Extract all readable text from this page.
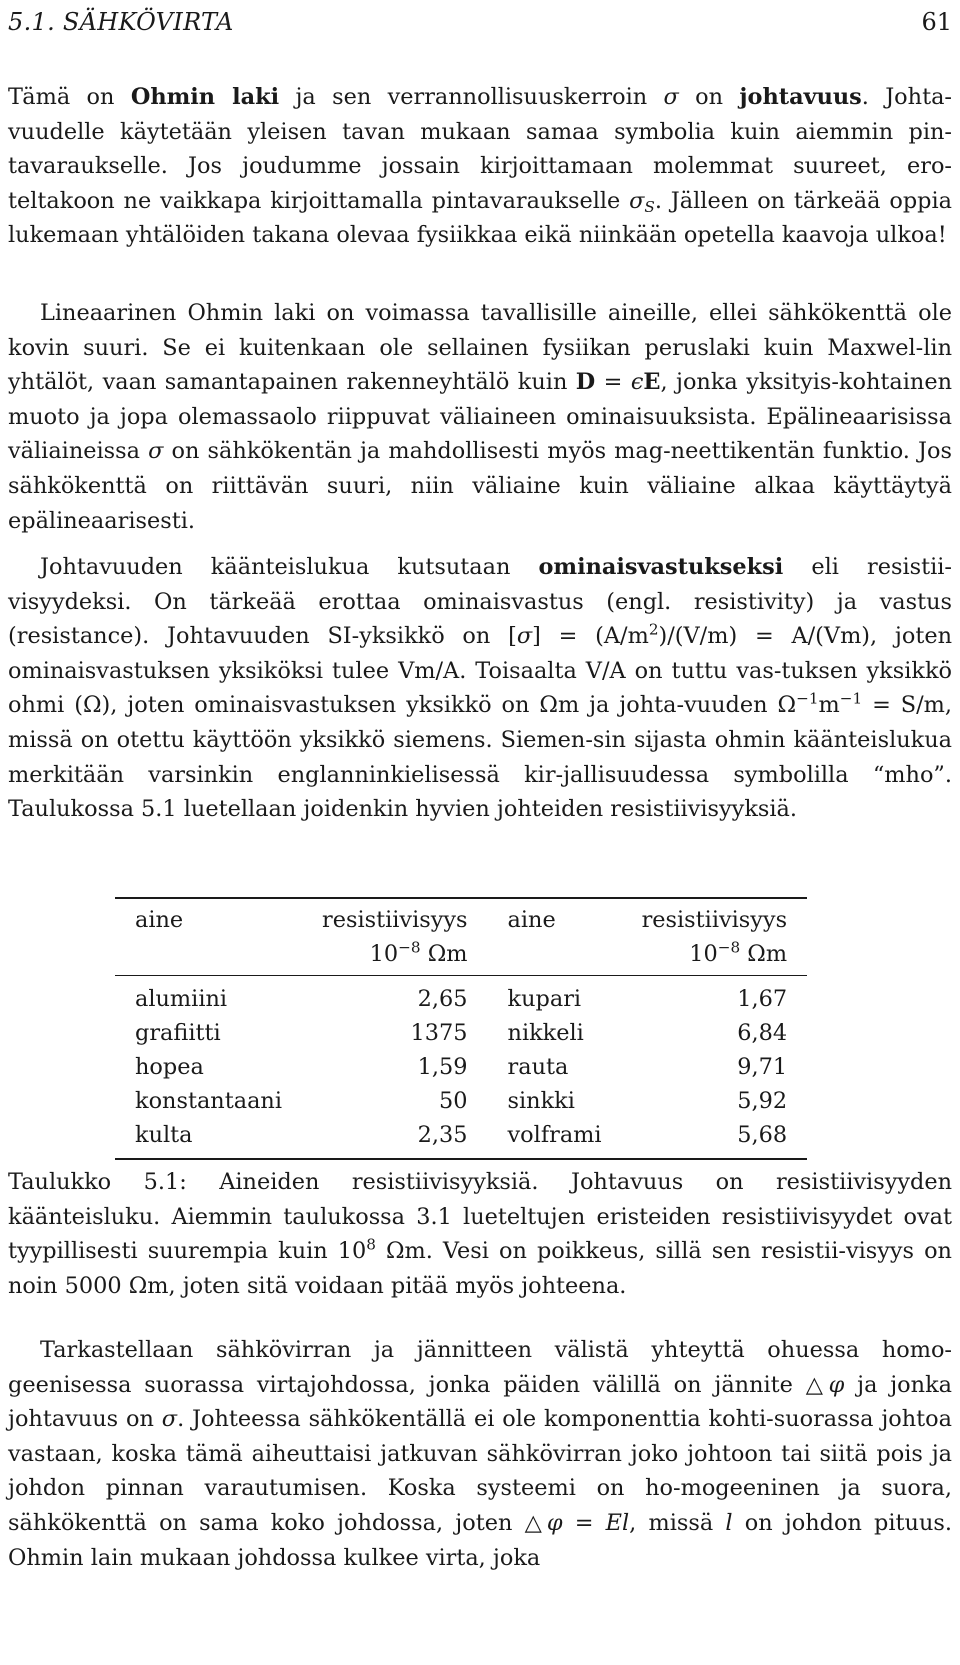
5.1. SÄHKÖVIRTA	61

Tämä on Ohmin laki ja sen verrannollisuuskerroin σ on johtavuus. Johta-vuudelle käytetään yleisen tavan mukaan samaa symbolia kuin aiemmin pin-tavaraukselle. Jos joudumme jossain kirjoittamaan molemmat suureet, ero-teltakoon ne vaikkapa kirjoittamalla pintavaraukselle $\sigma_S$. Jälleen on tärkeää oppia lukemaan yhtälöiden takana olevaa fysiikkaa eikä niinkään opetella kaavoja ulkoa!

Lineaarinen Ohmin laki on voimassa tavallisille aineille, ellei sähkökenttä ole kovin suuri. Se ei kuitenkaan ole sellainen fysiikan peruslaki kuin Maxwel-lin yhtälöt, vaan samantapainen rakenneyhtälö kuin D = ϵE, jonka yksityis-kohtainen muoto ja jopa olemassaolo riippuvat väliaineen ominaisuuksista. Epälineaarisissa väliaineissa σ on sähkökentän ja mahdollisesti myös mag-neettikentän funktio. Jos sähkökenttä on riittävän suuri, niin väliaine kuin väliaine alkaa käyttäytyä epälineaarisesti.

Johtavuuden käänteislukua kutsutaan ominaisvastukseksi eli resistii-visyydeksi. On tärkeää erottaa ominaisvastus (engl. resistivity) ja vastus (resistance). Johtavuuden SI-yksikkö on $[\sigma] = (A/m^2)/(V/m) = A/(Vm)$, joten ominaisvastuksen yksiköksi tulee Vm/A. Toisaalta V/A on tuttu vas-tuksen yksikkö ohmi (Ω), joten ominaisvastuksen yksikkö on Ωm ja johta-vuuden $\Omega^{-1}m^{-1} = S/m$, missä on otettu käyttöön yksikkö siemens. Siemen-sin sijasta ohmin käänteislukua merkitään varsinkin englanninkielisessä kir-jallisuudessa symbolilla “mho”. Taulukossa 5.1 luetellaan joidenkin hyvien johteiden resistiivisyyksiä.

aine	resistiivisyys	aine	resistiivisyys
	$10^{-8}$ Ωm		$10^{-8}$ Ωm
alumiini	2,65	kupari	1,67
grafiitti	1375	nikkeli	6,84
hopea	1,59	rauta	9,71
konstantaani	50	sinkki	5,92
kulta	2,35	volframi	5,68

Taulukko 5.1: Aineiden resistiivisyyksiä. Johtavuus on resistiivisyyden käänteisluku. Aiemmin taulukossa 3.1 lueteltujen eristeiden resistiivisyydet ovat tyypillisesti suurempia kuin $10^8$ Ωm. Vesi on poikkeus, sillä sen resistii-visyys on noin 5000 Ωm, joten sitä voidaan pitää myös johteena.

Tarkastellaan sähkövirran ja jännitteen välistä yhteyttä ohuessa homo-geenisessa suorassa virtajohdossa, jonka päiden välillä on jännite △φ ja jonka johtavuus on σ. Johteessa sähkökentällä ei ole komponenttia kohti-suorassa johtoa vastaan, koska tämä aiheuttaisi jatkuvan sähkövirran joko johtoon tai siitä pois ja johdon pinnan varautumisen. Koska systeemi on ho-mogeeninen ja suora, sähkökenttä on sama koko johdossa, joten △φ = El, missä l on johdon pituus. Ohmin lain mukaan johdossa kulkee virta, joka
